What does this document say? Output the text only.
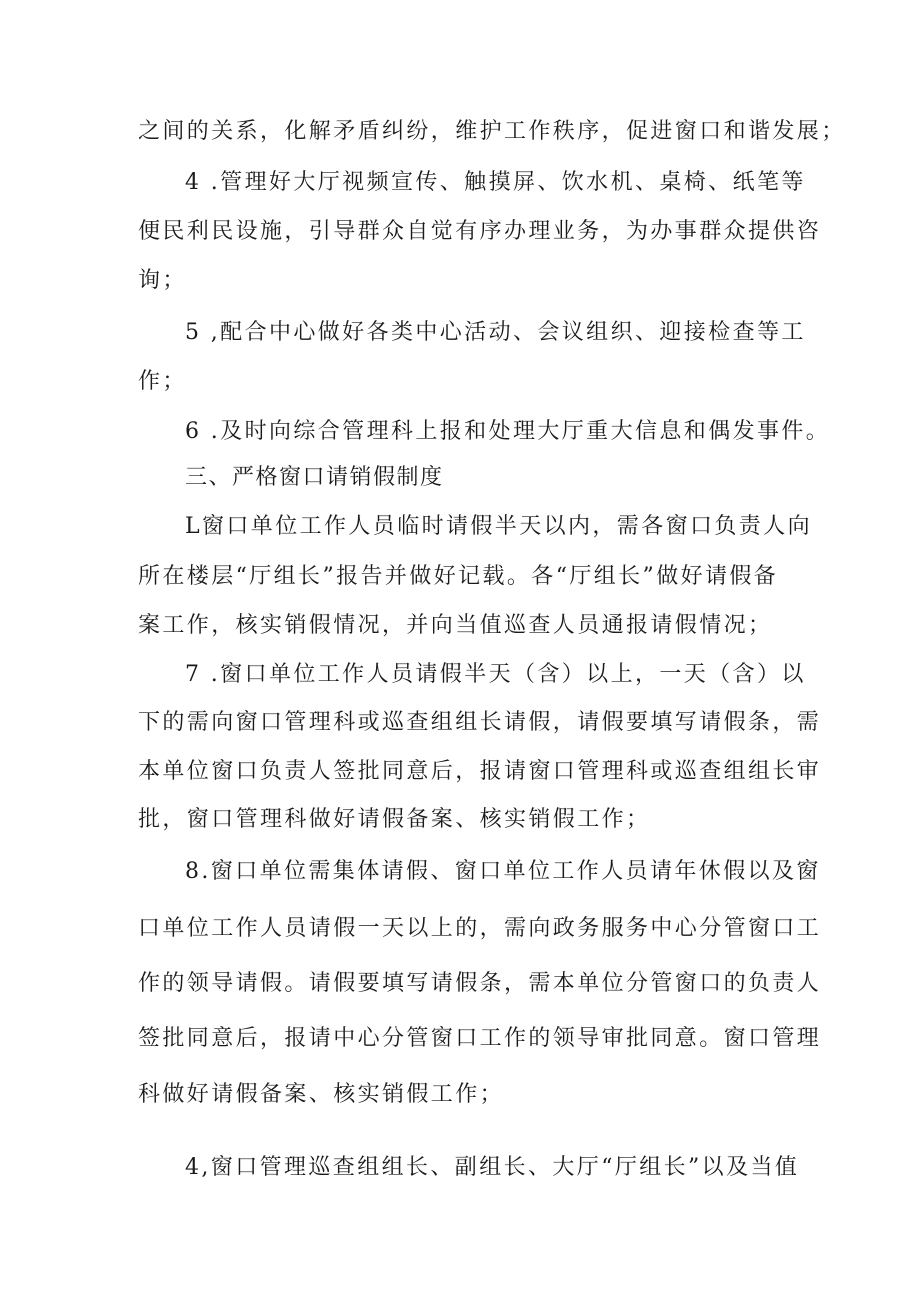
之间的关系，化解矛盾纠纷，维护工作秩序，促进窗口和谐发展；

4 .管理好大厅视频宣传、触摸屏、饮水机、桌椅、纸笔等

便民利民设施，引导群众自觉有序办理业务，为办事群众提供咨

询；

5 ,配合中心做好各类中心活动、会议组织、迎接检查等工

作；

6 .及时向综合管理科上报和处理大厅重大信息和偶发事件。

三、严格窗口请销假制度

L窗口单位工作人员临时请假半天以内，需各窗口负责人向

所在楼层“厅组长”报告并做好记载。各“厅组长”做好请假备

案工作，核实销假情况，并向当值巡查人员通报请假情况；

7 .窗口单位工作人员请假半天（含）以上，一天（含）以

下的需向窗口管理科或巡查组组长请假，请假要填写请假条，需

本单位窗口负责人签批同意后，报请窗口管理科或巡查组组长审

批，窗口管理科做好请假备案、核实销假工作；

8.窗口单位需集体请假、窗口单位工作人员请年休假以及窗

口单位工作人员请假一天以上的，需向政务服务中心分管窗口工

作的领导请假。请假要填写请假条，需本单位分管窗口的负责人

签批同意后，报请中心分管窗口工作的领导审批同意。窗口管理

科做好请假备案、核实销假工作；

4,窗口管理巡查组组长、副组长、大厅“厅组长”以及当值
